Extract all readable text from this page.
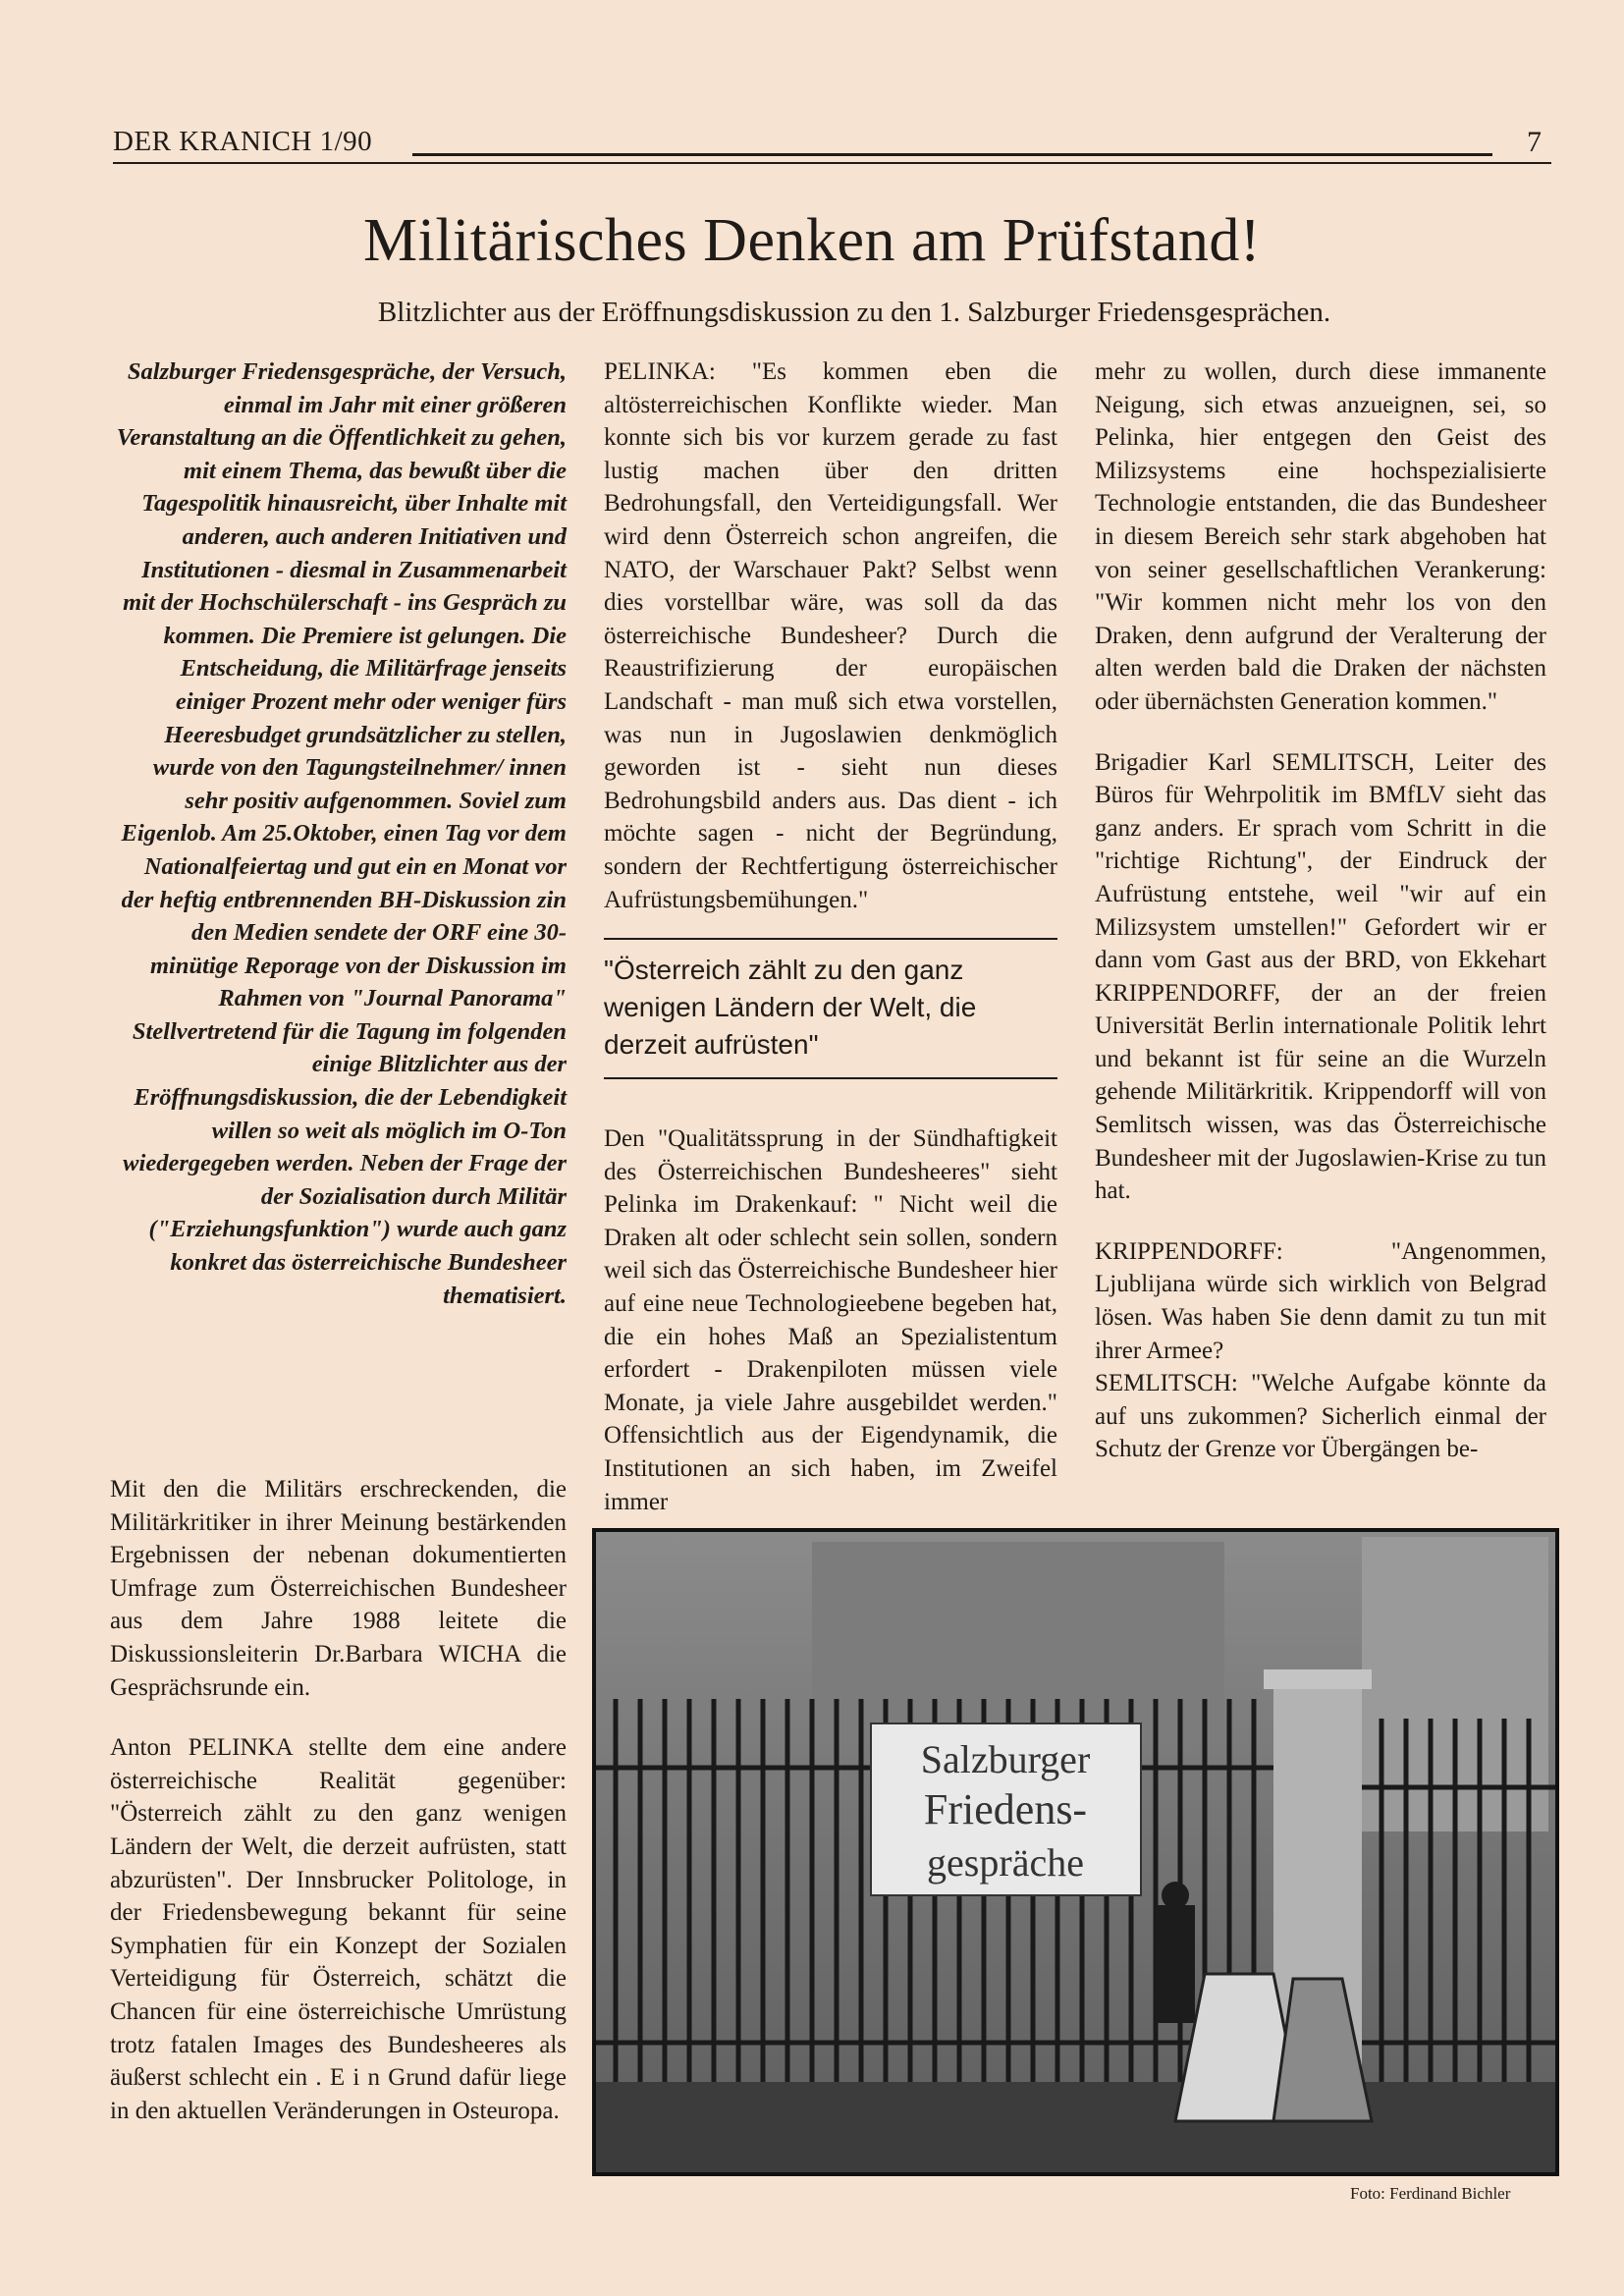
DER KRANICH 1/90	7
Militärisches Denken am Prüfstand!
Blitzlichter aus der Eröffnungsdiskussion zu den 1. Salzburger Friedensgesprächen.

Salzburger Friedensgespräche, der Versuch, einmal im Jahr mit einer größeren Veranstaltung an die Öffentlichkeit zu gehen, mit einem Thema, das bewußt über die Tagespolitik hinausreicht, über Inhalte mit anderen, auch anderen Initiativen und Institutionen - diesmal in Zusammenarbeit mit der Hochschülerschaft - ins Gespräch zu kommen. Die Premiere ist gelungen. Die Entscheidung, die Militärfrage jenseits einiger Prozent mehr oder weniger fürs Heeresbudget grundsätzlicher zu stellen, wurde von den Tagungsteilnehmer/ innen sehr positiv aufgenommen. Soviel zum Eigenlob. Am 25.Oktober, einen Tag vor dem Nationalfeiertag und gut ein en Monat vor der heftig entbrennenden BH-Diskussion zin den Medien sendete der ORF eine 30-minütige Reporage von der Diskussion im Rahmen von "Journal Panorama" Stellvertretend für die Tagung im folgenden einige Blitzlichter aus der Eröffnungsdiskussion, die der Lebendigkeit willen so weit als möglich im O-Ton wiedergegeben werden. Neben der Frage der der Sozialisation durch Militär ("Erziehungsfunktion") wurde auch ganz konkret das österreichische Bundesheer thematisiert.

Mit den die Militärs erschreckenden, die Militärkritiker in ihrer Meinung bestärkenden Ergebnissen der nebenan dokumentierten Umfrage zum Österreichischen Bundesheer aus dem Jahre 1988 leitete die Diskussionsleiterin Dr.Barbara WICHA die Gesprächsrunde ein.

Anton PELINKA stellte dem eine andere österreichische Realität gegenüber: "Österreich zählt zu den ganz wenigen Ländern der Welt, die derzeit aufrüsten, statt abzurüsten". Der Innsbrucker Politologe, in der Friedensbewegung bekannt für seine Symphatien für ein Konzept der Sozialen Verteidigung für Österreich, schätzt die Chancen für eine österreichische Umrüstung trotz fatalen Images des Bundesheeres als äußerst schlecht ein . E i n Grund dafür liege in den aktuellen Veränderungen in Osteuropa.

PELINKA: "Es kommen eben die altösterreichischen Konflikte wieder. Man konnte sich bis vor kurzem gerade zu fast lustig machen über den dritten Bedrohungsfall, den Verteidigungsfall. Wer wird denn Österreich schon angreifen, die NATO, der Warschauer Pakt? Selbst wenn dies vorstellbar wäre, was soll da das österreichische Bundesheer? Durch die Reaustrifizierung der europäischen Landschaft - man muß sich etwa vorstellen, was nun in Jugoslawien denkmöglich geworden ist - sieht nun dieses Bedrohungsbild anders aus. Das dient - ich möchte sagen - nicht der Begründung, sondern der Rechtfertigung österreichischer Aufrüstungsbemühungen."

"Österreich zählt zu den ganz wenigen Ländern der Welt, die derzeit aufrüsten"

Den "Qualitätssprung in der Sündhaftigkeit des Österreichischen Bundesheeres" sieht Pelinka im Drakenkauf: " Nicht weil die Draken alt oder schlecht sein sollen, sondern weil sich das Österreichische Bundesheer hier auf eine neue Technologieebene begeben hat, die ein hohes Maß an Spezialistentum erfordert - Drakenpiloten müssen viele Monate, ja viele Jahre ausgebildet werden." Offensichtlich aus der Eigendynamik, die Institutionen an sich haben, im Zweifel immer

mehr zu wollen, durch diese immanente Neigung, sich etwas anzueignen, sei, so Pelinka, hier entgegen den Geist des Milizsystems eine hochspezialisierte Technologie entstanden, die das Bundesheer in diesem Bereich sehr stark abgehoben hat von seiner gesellschaftlichen Verankerung: "Wir kommen nicht mehr los von den Draken, denn aufgrund der Veralterung der alten werden bald die Draken der nächsten oder übernächsten Generation kommen."

Brigadier Karl SEMLITSCH, Leiter des Büros für Wehrpolitik im BMfLV sieht das ganz anders. Er sprach vom Schritt in die "richtige Richtung", der Eindruck der Aufrüstung entstehe, weil "wir auf ein Milizsystem umstellen!" Gefordert wir er dann vom Gast aus der BRD, von Ekkehart KRIPPENDORFF, der an der freien Universität Berlin internationale Politik lehrt und bekannt ist für seine an die Wurzeln gehende Militärkritik. Krippendorff will von Semlitsch wissen, was das Österreichische Bundesheer mit der Jugoslawien-Krise zu tun hat.

KRIPPENDORFF: "Angenommen, Ljublijana würde sich wirklich von Belgrad lösen. Was haben Sie denn damit zu tun mit ihrer Armee?

SEMLITSCH: "Welche Aufgabe könnte da auf uns zukommen? Sicherlich einmal der Schutz der Grenze vor Übergängen be-

Salzburger
Friedens-
gespräche
Foto: Ferdinand Bichler
